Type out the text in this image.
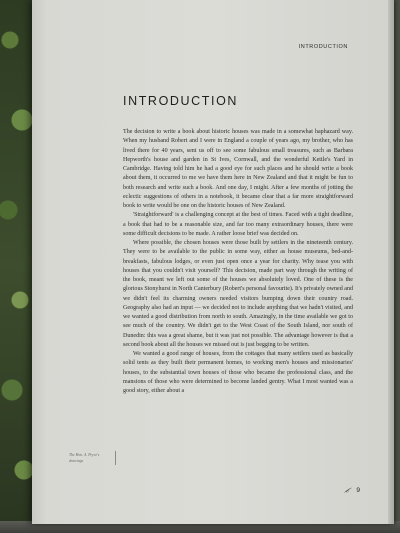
INTRODUCTION
INTRODUCTION

The decision to write a book about historic houses was made in a somewhat haphazard way. When my husband Robert and I were in England a couple of years ago, my brother, who has lived there for 40 years, sent us off to see some fabulous small treasures, such as Barbara Hepworth's house and garden in St Ives, Cornwall, and the wonderful Kettle's Yard in Cambridge. Having told him he had a good eye for such places and he should write a book about them, it occurred to me we have them here in New Zealand and that it might be fun to both research and write such a book. And one day, I might. After a few months of jotting the eclectic suggestions of others in a notebook, it became clear that a far more straightforward book to write would be one on the historic houses of New Zealand.

'Straightforward' is a challenging concept at the best of times. Faced with a tight deadline, a book that had to be a reasonable size, and far too many extraordinary houses, there were some difficult decisions to be made. A rather loose brief was decided on.

Where possible, the chosen houses were those built by settlers in the nineteenth century. They were to be available to the public in some way, either as house museums, bed-and-breakfasts, fabulous lodges, or even just open once a year for charity. Why tease you with houses that you couldn't visit yourself? This decision, made part way through the writing of the book, meant we left out some of the houses we absolutely loved. One of these is the glorious Stonyhurst in North Canterbury (Robert's personal favourite). It's privately owned and we didn't feel its charming owners needed visitors bumping down their country road. Geography also had an input — we decided not to include anything that we hadn't visited, and we wanted a good distribution from north to south. Amazingly, in the time available we got to see much of the country. We didn't get to the West Coast of the South Island, nor south of Dunedin: this was a great shame, but it was just not possible. The advantage however is that a second book about all the houses we missed out is just begging to be written.

We wanted a good range of houses, from the cottages that many settlers used as basically solid tents as they built their permanent homes, to working men's houses and missionaries' houses, to the substantial town houses of those who became the professional class, and the mansions of those who were determined to become landed gentry. What I most wanted was a good story, either about a

The Hon. A. Pryor's drawings
9
